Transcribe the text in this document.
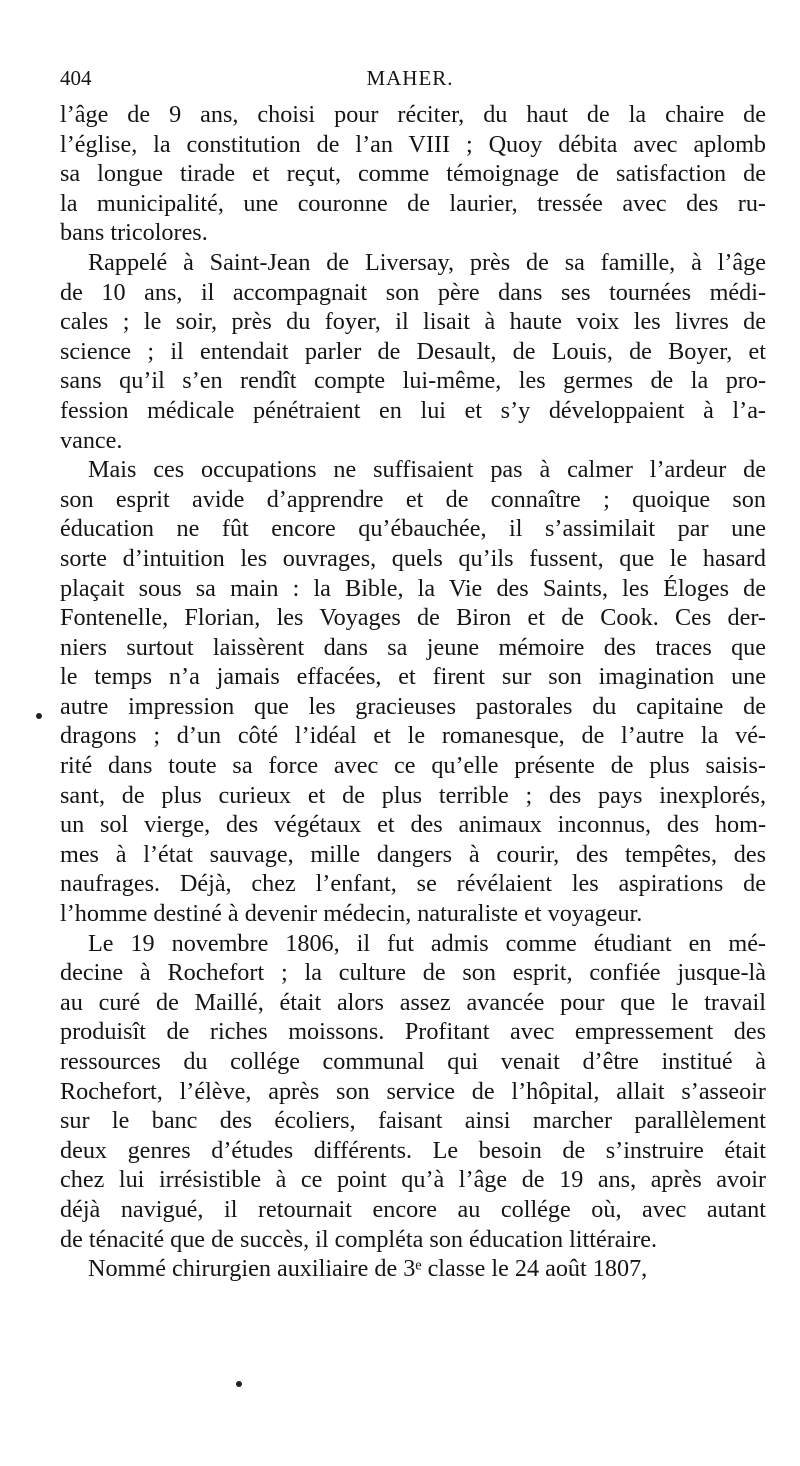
404	MAHER.
l’âge de 9 ans, choisi pour réciter, du haut de la chaire de
l’église, la constitution de l’an VIII ; Quoy débita avec aplomb
sa longue tirade et reçut, comme témoignage de satisfaction de
la municipalité, une couronne de laurier, tressée avec des ru-
bans tricolores.
Rappelé à Saint-Jean de Liversay, près de sa famille, à l’âge
de 10 ans, il accompagnait son père dans ses tournées médi-
cales ; le soir, près du foyer, il lisait à haute voix les livres de
science ; il entendait parler de Desault, de Louis, de Boyer, et
sans qu’il s’en rendît compte lui-même, les germes de la pro-
fession médicale pénétraient en lui et s’y développaient à l’a-
vance.
Mais ces occupations ne suffisaient pas à calmer l’ardeur de
son esprit avide d’apprendre et de connaître ; quoique son
éducation ne fût encore qu’ébauchée, il s’assimilait par une
sorte d’intuition les ouvrages, quels qu’ils fussent, que le hasard
plaçait sous sa main : la Bible, la Vie des Saints, les Éloges de
Fontenelle, Florian, les Voyages de Biron et de Cook. Ces der-
niers surtout laissèrent dans sa jeune mémoire des traces que
le temps n’a jamais effacées, et firent sur son imagination une
autre impression que les gracieuses pastorales du capitaine de
dragons ; d’un côté l’idéal et le romanesque, de l’autre la vé-
rité dans toute sa force avec ce qu’elle présente de plus saisis-
sant, de plus curieux et de plus terrible ; des pays inexplorés,
un sol vierge, des végétaux et des animaux inconnus, des hom-
mes à l’état sauvage, mille dangers à courir, des tempêtes, des
naufrages. Déjà, chez l’enfant, se révélaient les aspirations de
l’homme destiné à devenir médecin, naturaliste et voyageur.
Le 19 novembre 1806, il fut admis comme étudiant en mé-
decine à Rochefort ; la culture de son esprit, confiée jusque-là
au curé de Maillé, était alors assez avancée pour que le travail
produisît de riches moissons. Profitant avec empressement des
ressources du collége communal qui venait d’être institué à
Rochefort, l’élève, après son service de l’hôpital, allait s’asseoir
sur le banc des écoliers, faisant ainsi marcher parallèlement
deux genres d’études différents. Le besoin de s’instruire était
chez lui irrésistible à ce point qu’à l’âge de 19 ans, après avoir
déjà navigué, il retournait encore au collége où, avec autant
de ténacité que de succès, il compléta son éducation littéraire.
Nommé chirurgien auxiliaire de 3ᵉ classe le 24 août 1807,
